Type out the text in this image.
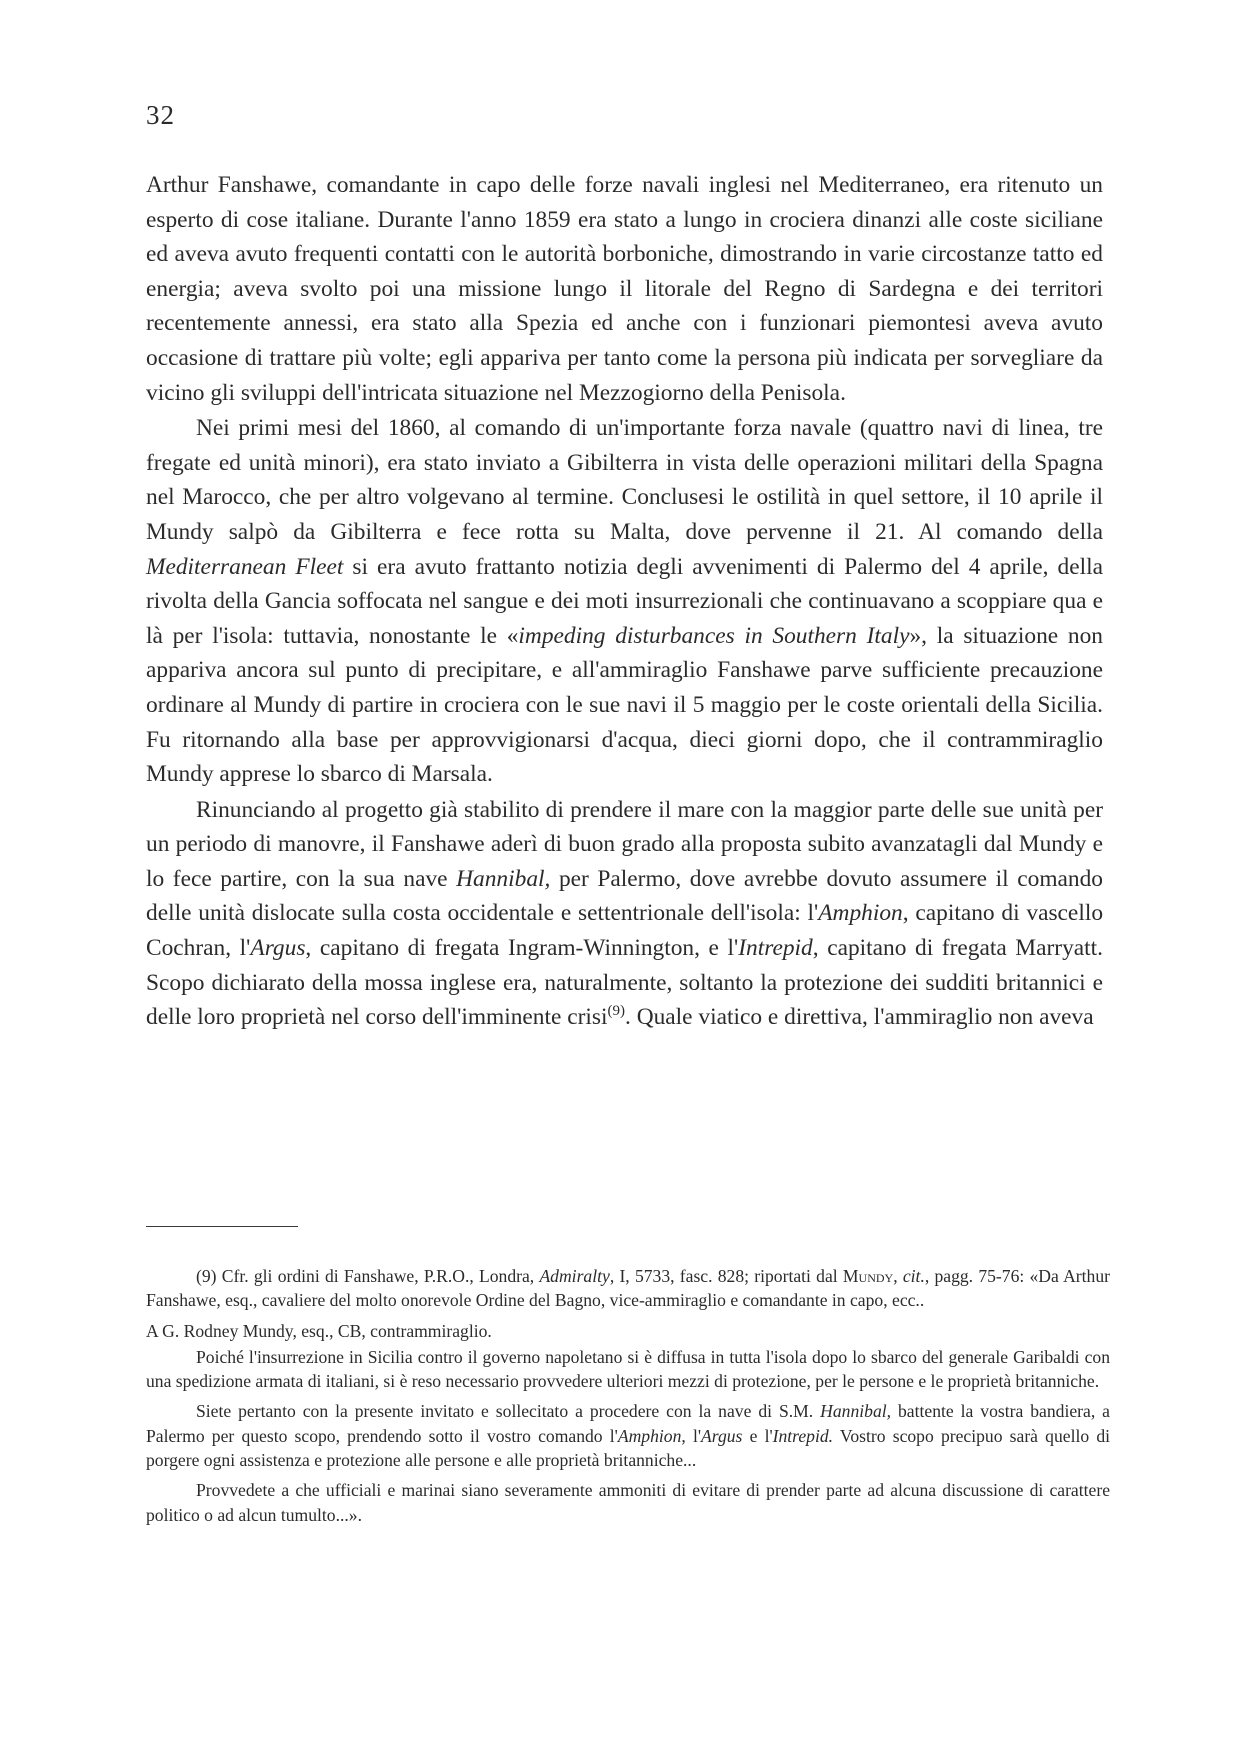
32

Arthur Fanshawe, comandante in capo delle forze navali inglesi nel Mediterraneo, era ritenuto un esperto di cose italiane. Durante l'anno 1859 era stato a lungo in crociera dinanzi alle coste siciliane ed aveva avuto frequenti contatti con le autorità borboniche, dimostrando in varie circostanze tatto ed energia; aveva svolto poi una missione lungo il litorale del Regno di Sardegna e dei territori recentemente annessi, era stato alla Spezia ed anche con i funzionari piemontesi aveva avuto occasione di trattare più volte; egli appariva per tanto come la persona più indicata per sorvegliare da vicino gli sviluppi dell'intricata situazione nel Mezzogiorno della Penisola.

Nei primi mesi del 1860, al comando di un'importante forza navale (quattro navi di linea, tre fregate ed unità minori), era stato inviato a Gibilterra in vista delle operazioni militari della Spagna nel Marocco, che per altro volgevano al termine. Conclusesi le ostilità in quel settore, il 10 aprile il Mundy salpò da Gibilterra e fece rotta su Malta, dove pervenne il 21. Al comando della Mediterranean Fleet si era avuto frattanto notizia degli avvenimenti di Palermo del 4 aprile, della rivolta della Gancia soffocata nel sangue e dei moti insurrezionali che continuavano a scoppiare qua e là per l'isola: tuttavia, nonostante le «impeding disturbances in Southern Italy», la situazione non appariva ancora sul punto di precipitare, e all'ammiraglio Fanshawe parve sufficiente precauzione ordinare al Mundy di partire in crociera con le sue navi il 5 maggio per le coste orientali della Sicilia. Fu ritornando alla base per approvvigionarsi d'acqua, dieci giorni dopo, che il contrammiraglio Mundy apprese lo sbarco di Marsala.

Rinunciando al progetto già stabilito di prendere il mare con la maggior parte delle sue unità per un periodo di manovre, il Fanshawe aderì di buon grado alla proposta subito avanzatagli dal Mundy e lo fece partire, con la sua nave Hannibal, per Palermo, dove avrebbe dovuto assumere il comando delle unità dislocate sulla costa occidentale e settentrionale dell'isola: l'Amphion, capitano di vascello Cochran, l'Argus, capitano di fregata Ingram-Winnington, e l'Intrepid, capitano di fregata Marryatt. Scopo dichiarato della mossa inglese era, naturalmente, soltanto la protezione dei sudditi britannici e delle loro proprietà nel corso dell'imminente crisi$^{(9)}$. Quale viatico e direttiva, l'ammiraglio non aveva

(9) Cfr. gli ordini di Fanshawe, P.R.O., Londra, Admiralty, I, 5733, fasc. 828; riportati dal Mundy, cit., pagg. 75-76: «Da Arthur Fanshawe, esq., cavaliere del molto onorevole Ordine del Bagno, vice-ammiraglio e comandante in capo, ecc..

A G. Rodney Mundy, esq., CB, contrammiraglio.

Poiché l'insurrezione in Sicilia contro il governo napoletano si è diffusa in tutta l'isola dopo lo sbarco del generale Garibaldi con una spedizione armata di italiani, si è reso necessario provvedere ulteriori mezzi di protezione, per le persone e le proprietà britanniche.

Siete pertanto con la presente invitato e sollecitato a procedere con la nave di S.M. Hannibal, battente la vostra bandiera, a Palermo per questo scopo, prendendo sotto il vostro comando l'Amphion, l'Argus e l'Intrepid. Vostro scopo precipuo sarà quello di porgere ogni assistenza e protezione alle persone e alle proprietà britanniche...

Provvedete a che ufficiali e marinai siano severamente ammoniti di evitare di prender parte ad alcuna discussione di carattere politico o ad alcun tumulto...».
